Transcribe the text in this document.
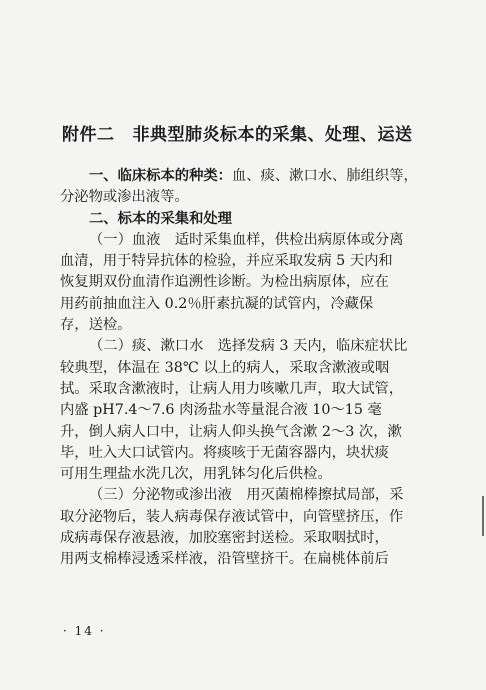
附件二 非典型肺炎标本的采集、处理、运送
一、临床标本的种类：血、痰、漱口水、肺组织等，
分泌物或渗出液等。
二、标本的采集和处理
（一）血液　适时采集血样，供检出病原体或分离
血清，用于特异抗体的检验，并应采取发病 5 天内和
恢复期双份血清作追溯性诊断。为检出病原体，应在
用药前抽血注入 0.2％肝素抗凝的试管内，冷藏保
存，送检。
（二）痰、漱口水　选择发病 3 天内，临床症状比
较典型，体温在 38℃ 以上的病人，采取含漱液或咽
拭。采取含漱液时，让病人用力咳嗽几声，取大试管，
内盛 pH7.4～7.6 肉汤盐水等量混合液 10～15 毫
升，倒人病人口中，让病人仰头换气含漱 2～3 次，漱
毕，吐入大口试管内。将痰咳于无菌容器内，块状痰
可用生理盐水洗几次，用乳钵匀化后供检。
（三）分泌物或渗出液　用灭菌棉棒擦拭局部，采
取分泌物后，装人病毒保存液试管中，向管壁挤压，作
成病毒保存液悬液，加胶塞密封送检。采取咽拭时，
用两支棉棒浸透采样液，沿管壁挤干。在扁桃体前后
· 14 ·
